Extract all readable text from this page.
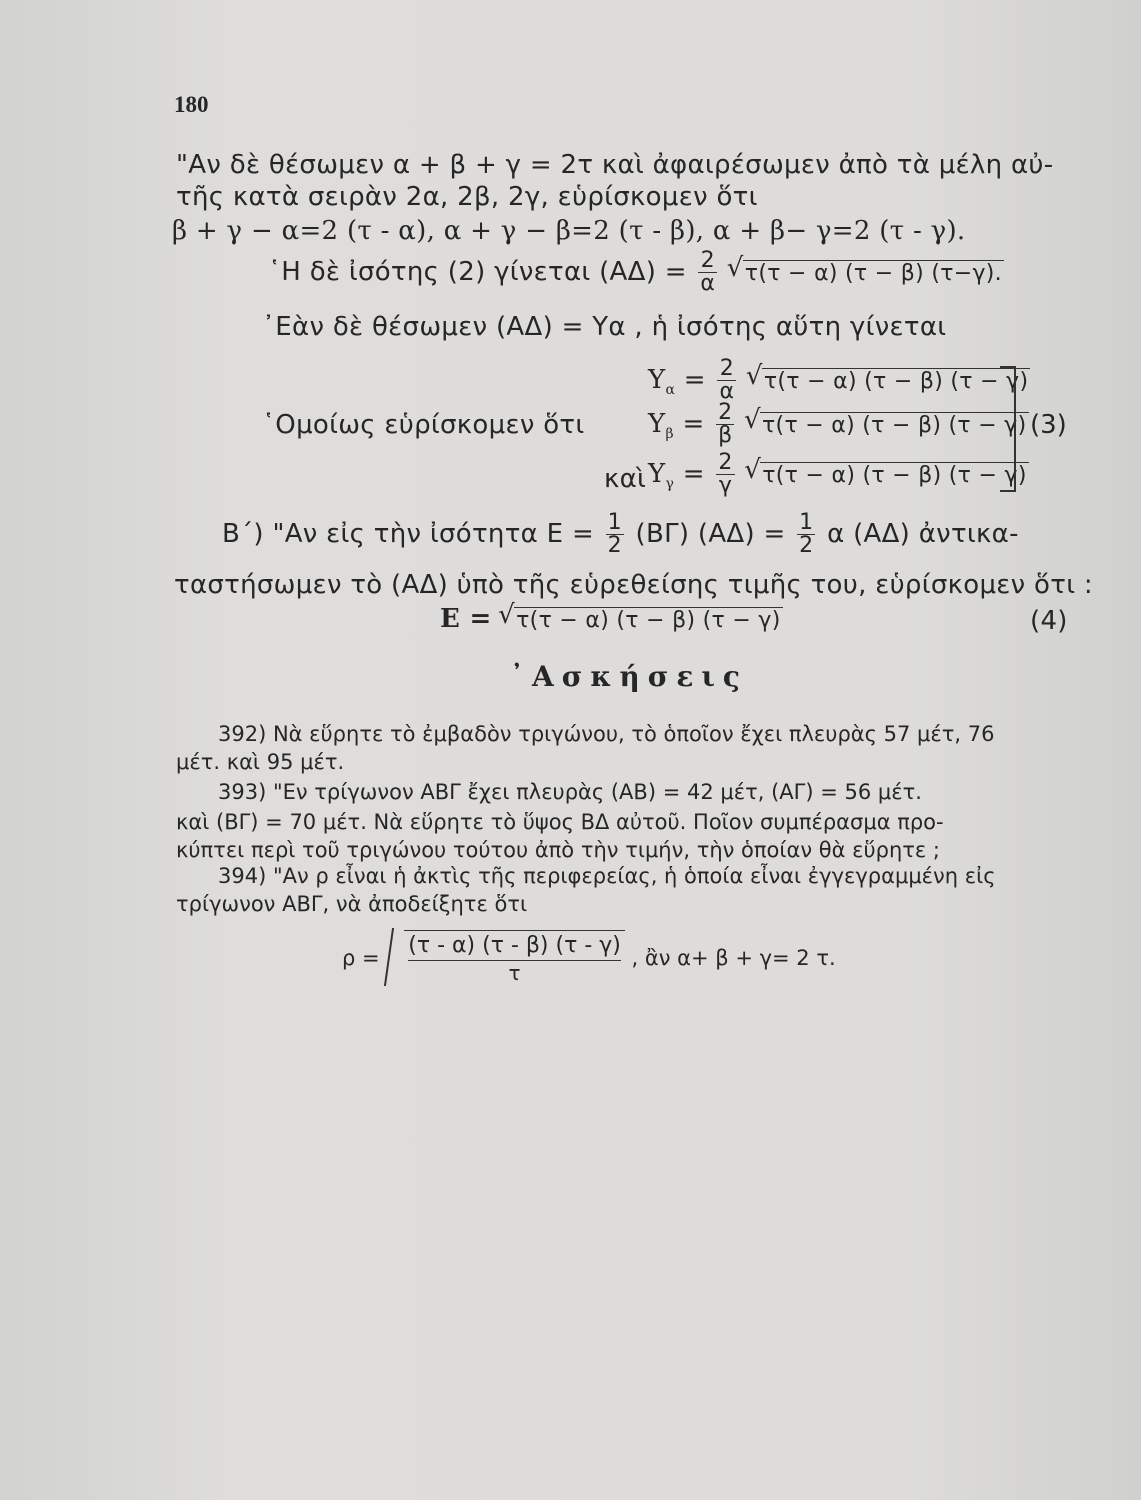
180
"Αν δὲ θέσωμεν α + β + γ = 2τ καὶ ἀφαιρέσωμεν ἀπὸ τὰ μέλη αὐ-
τῆς κατὰ σειρὰν 2α, 2β, 2γ, εὑρίσκομεν ὅτι
β + γ − α=2 (τ - α), α + γ − β=2 (τ - β), α + β− γ=2 (τ - γ).
῾Η δὲ ἰσότης (2) γίνεται $(A\Delta) = \frac{2}{\alpha}$ √ τ(τ − α) (τ − β) (τ−γ).
᾿Εὰν δὲ θέσωμεν (ΑΔ) = Υα , ἡ ἰσότης αὕτη γίνεται
$\Upsilon_\alpha = \frac{2}{\alpha}$ √ τ(τ − α) (τ − β) (τ − γ)
῾Ομοίως εὑρίσκομεν ὅτι $\Upsilon_\beta = \frac{2}{\beta}$ √ τ(τ − α) (τ − β) (τ − γ)
καὶ $\Upsilon_\gamma = \frac{2}{\gamma}$ √ τ(τ − α) (τ − β) (τ − γ)
(3)
Β΄) "Αν εἰς τὴν ἰσότητα $E = \frac{1}{2} (B\Gamma) (A\Delta) = \frac{1}{2}$ α (ΑΔ) ἀντικα-
ταστήσωμεν τὸ (ΑΔ) ὑπὸ τῆς εὑρεθείσης τιμῆς του, εὑρίσκομεν ὅτι :
Ε = √ τ(τ − α) (τ − β) (τ − γ)	(4)
᾿Ασκήσεις
392) Νὰ εὕρητε τὸ ἐμβαδὸν τριγώνου, τὸ ὁποῖον ἔχει πλευρὰς 57 μέτ, 76
μέτ. καὶ 95 μέτ.
393) "Εν τρίγωνον ΑΒΓ ἔχει πλευρὰς (ΑΒ) = 42 μέτ, (ΑΓ) = 56 μέτ.
καὶ (ΒΓ) = 70 μέτ. Νὰ εὕρητε τὸ ὕψος ΒΔ αὐτοῦ. Ποῖον συμπέρασμα προ-
κύπτει περὶ τοῦ τριγώνου τούτου ἀπὸ τὴν τιμήν, τὴν ὁποίαν θὰ εὕρητε ;
394) "Αν ρ εἶναι ἡ ἀκτὶς τῆς περιφερείας, ἡ ὁποία εἶναι ἐγγεγραμμένη εἰς
τρίγωνον ΑΒΓ, νὰ ἀποδείξητε ὅτι
$\rho = \frac{(\tau - \alpha) (\tau - \beta) (\tau - \gamma)}{\tau}$ , ἂν α+ β + γ= 2 τ.
